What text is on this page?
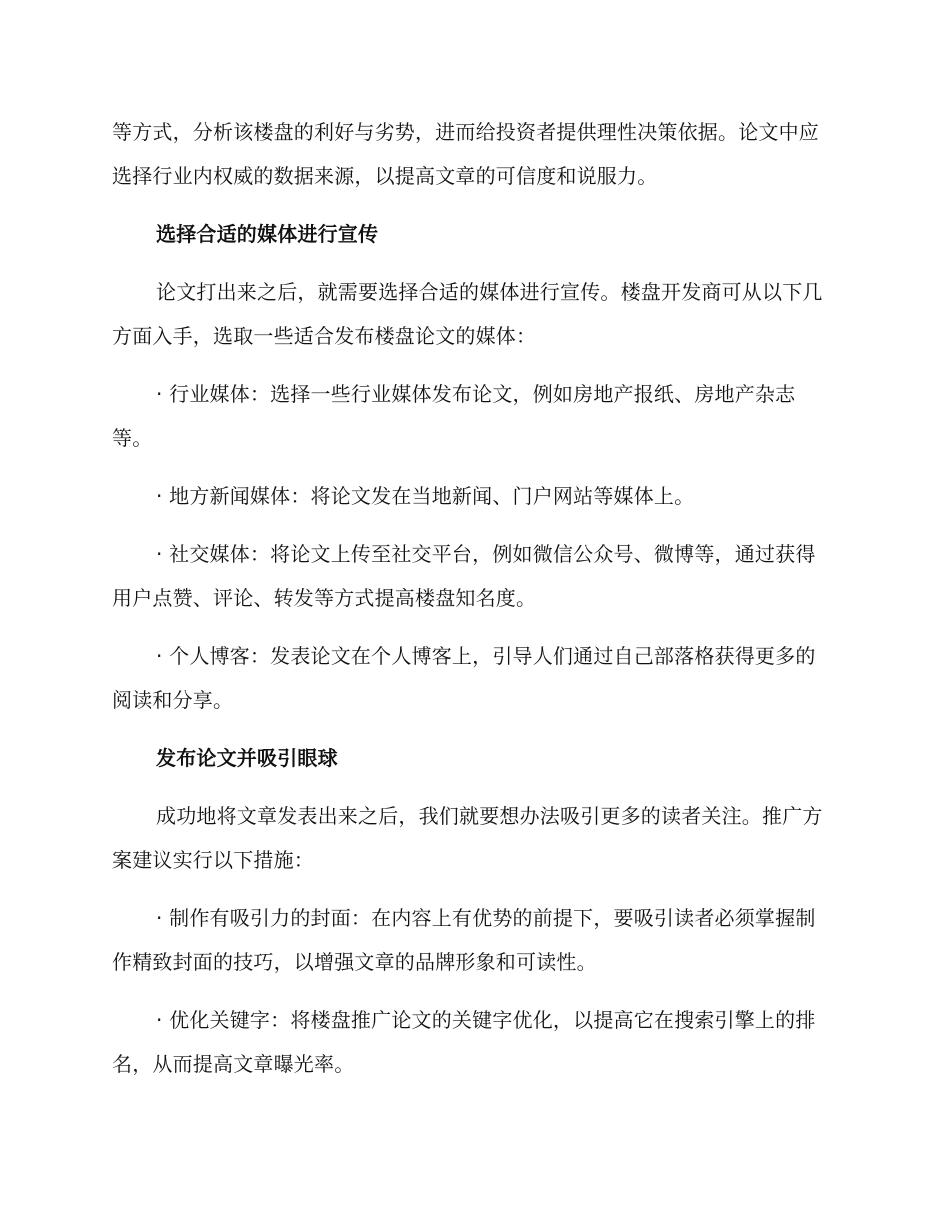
等方式，分析该楼盘的利好与劣势，进而给投资者提供理性决策依据。论文中应选择行业内权威的数据来源，以提高文章的可信度和说服力。

选择合适的媒体进行宣传

论文打出来之后，就需要选择合适的媒体进行宣传。楼盘开发商可从以下几方面入手，选取一些适合发布楼盘论文的媒体：

· 行业媒体：选择一些行业媒体发布论文，例如房地产报纸、房地产杂志等。

· 地方新闻媒体：将论文发在当地新闻、门户网站等媒体上。

· 社交媒体：将论文上传至社交平台，例如微信公众号、微博等，通过获得用户点赞、评论、转发等方式提高楼盘知名度。

· 个人博客：发表论文在个人博客上，引导人们通过自己部落格获得更多的阅读和分享。

发布论文并吸引眼球

成功地将文章发表出来之后，我们就要想办法吸引更多的读者关注。推广方案建议实行以下措施：

· 制作有吸引力的封面：在内容上有优势的前提下，要吸引读者必须掌握制作精致封面的技巧，以增强文章的品牌形象和可读性。

· 优化关键字：将楼盘推广论文的关键字优化，以提高它在搜索引擎上的排名，从而提高文章曝光率。
